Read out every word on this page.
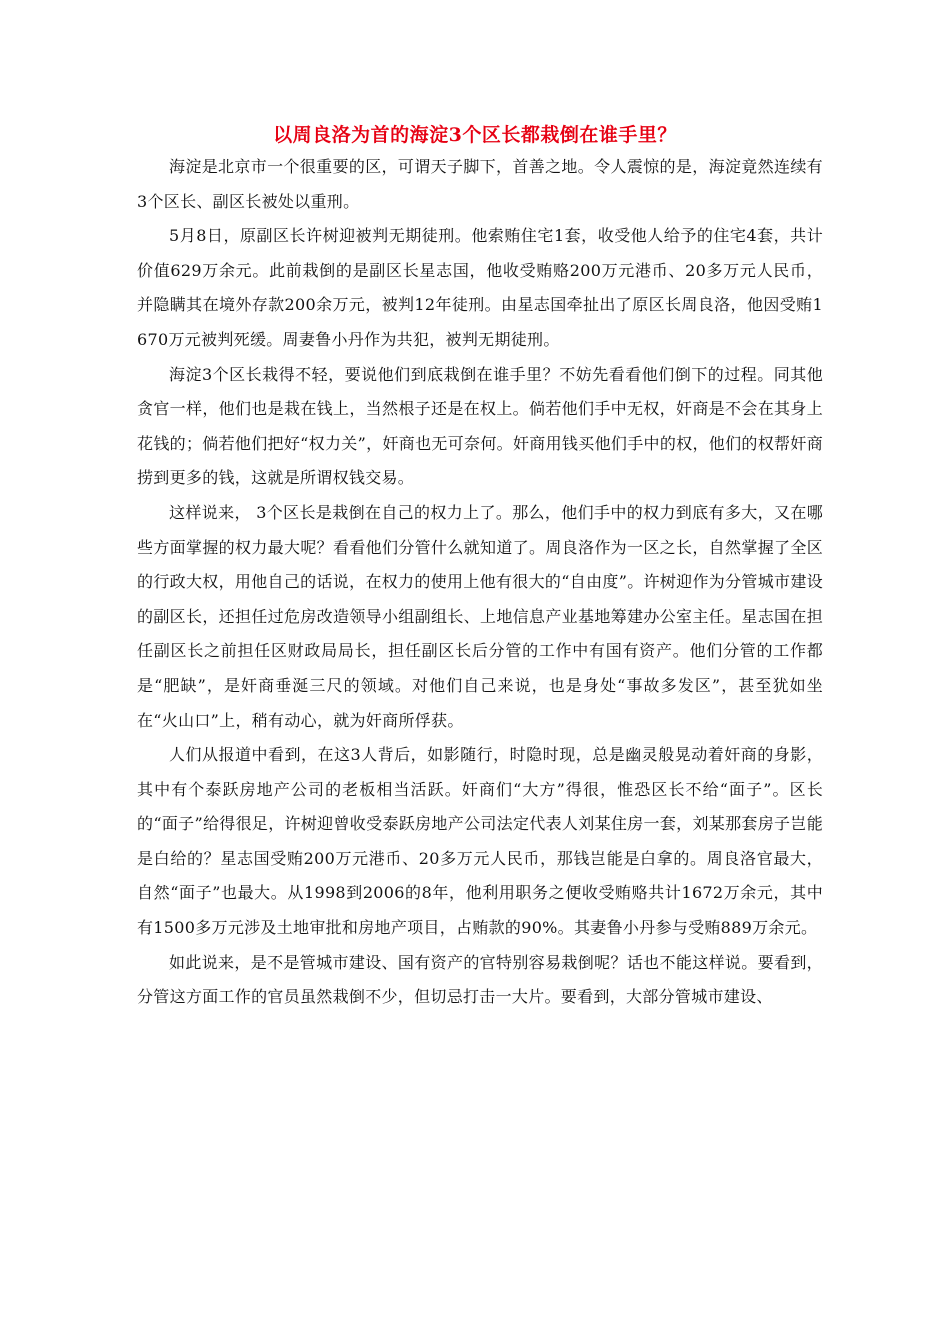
以周良洛为首的海淀3个区长都栽倒在谁手里？

海淀是北京市一个很重要的区，可谓天子脚下，首善之地。令人震惊的是，海淀竟然连续有3个区长、副区长被处以重刑。

5月8日，原副区长许树迎被判无期徒刑。他索贿住宅1套，收受他人给予的住宅4套，共计价值629万余元。此前栽倒的是副区长星志国，他收受贿赂200万元港币、20多万元人民币，并隐瞒其在境外存款200余万元，被判12年徒刑。由星志国牵扯出了原区长周良洛，他因受贿1670万元被判死缓。周妻鲁小丹作为共犯，被判无期徒刑。

海淀3个区长栽得不轻，要说他们到底栽倒在谁手里？不妨先看看他们倒下的过程。同其他贪官一样，他们也是栽在钱上，当然根子还是在权上。倘若他们手中无权，奸商是不会在其身上花钱的；倘若他们把好“权力关”，奸商也无可奈何。奸商用钱买他们手中的权，他们的权帮奸商捞到更多的钱，这就是所谓权钱交易。

这样说来， 3个区长是栽倒在自己的权力上了。那么，他们手中的权力到底有多大，又在哪些方面掌握的权力最大呢？看看他们分管什么就知道了。周良洛作为一区之长，自然掌握了全区的行政大权，用他自己的话说，在权力的使用上他有很大的“自由度”。许树迎作为分管城市建设的副区长，还担任过危房改造领导小组副组长、上地信息产业基地筹建办公室主任。星志国在担任副区长之前担任区财政局局长，担任副区长后分管的工作中有国有资产。他们分管的工作都是“肥缺”，是奸商垂涎三尺的领域。对他们自己来说，也是身处“事故多发区”，甚至犹如坐在“火山口”上，稍有动心，就为奸商所俘获。

人们从报道中看到，在这3人背后，如影随行，时隐时现，总是幽灵般晃动着奸商的身影，其中有个泰跃房地产公司的老板相当活跃。奸商们“大方”得很，惟恐区长不给“面子”。区长的“面子”给得很足，许树迎曾收受泰跃房地产公司法定代表人刘某住房一套，刘某那套房子岂能是白给的？星志国受贿200万元港币、20多万元人民币，那钱岂能是白拿的。周良洛官最大，自然“面子”也最大。从1998到2006的8年，他利用职务之便收受贿赂共计1672万余元，其中有1500多万元涉及土地审批和房地产项目，占贿款的90%。其妻鲁小丹参与受贿889万余元。

如此说来，是不是管城市建设、国有资产的官特别容易栽倒呢？话也不能这样说。要看到，分管这方面工作的官员虽然栽倒不少，但切忌打击一大片。要看到，大部分管城市建设、
